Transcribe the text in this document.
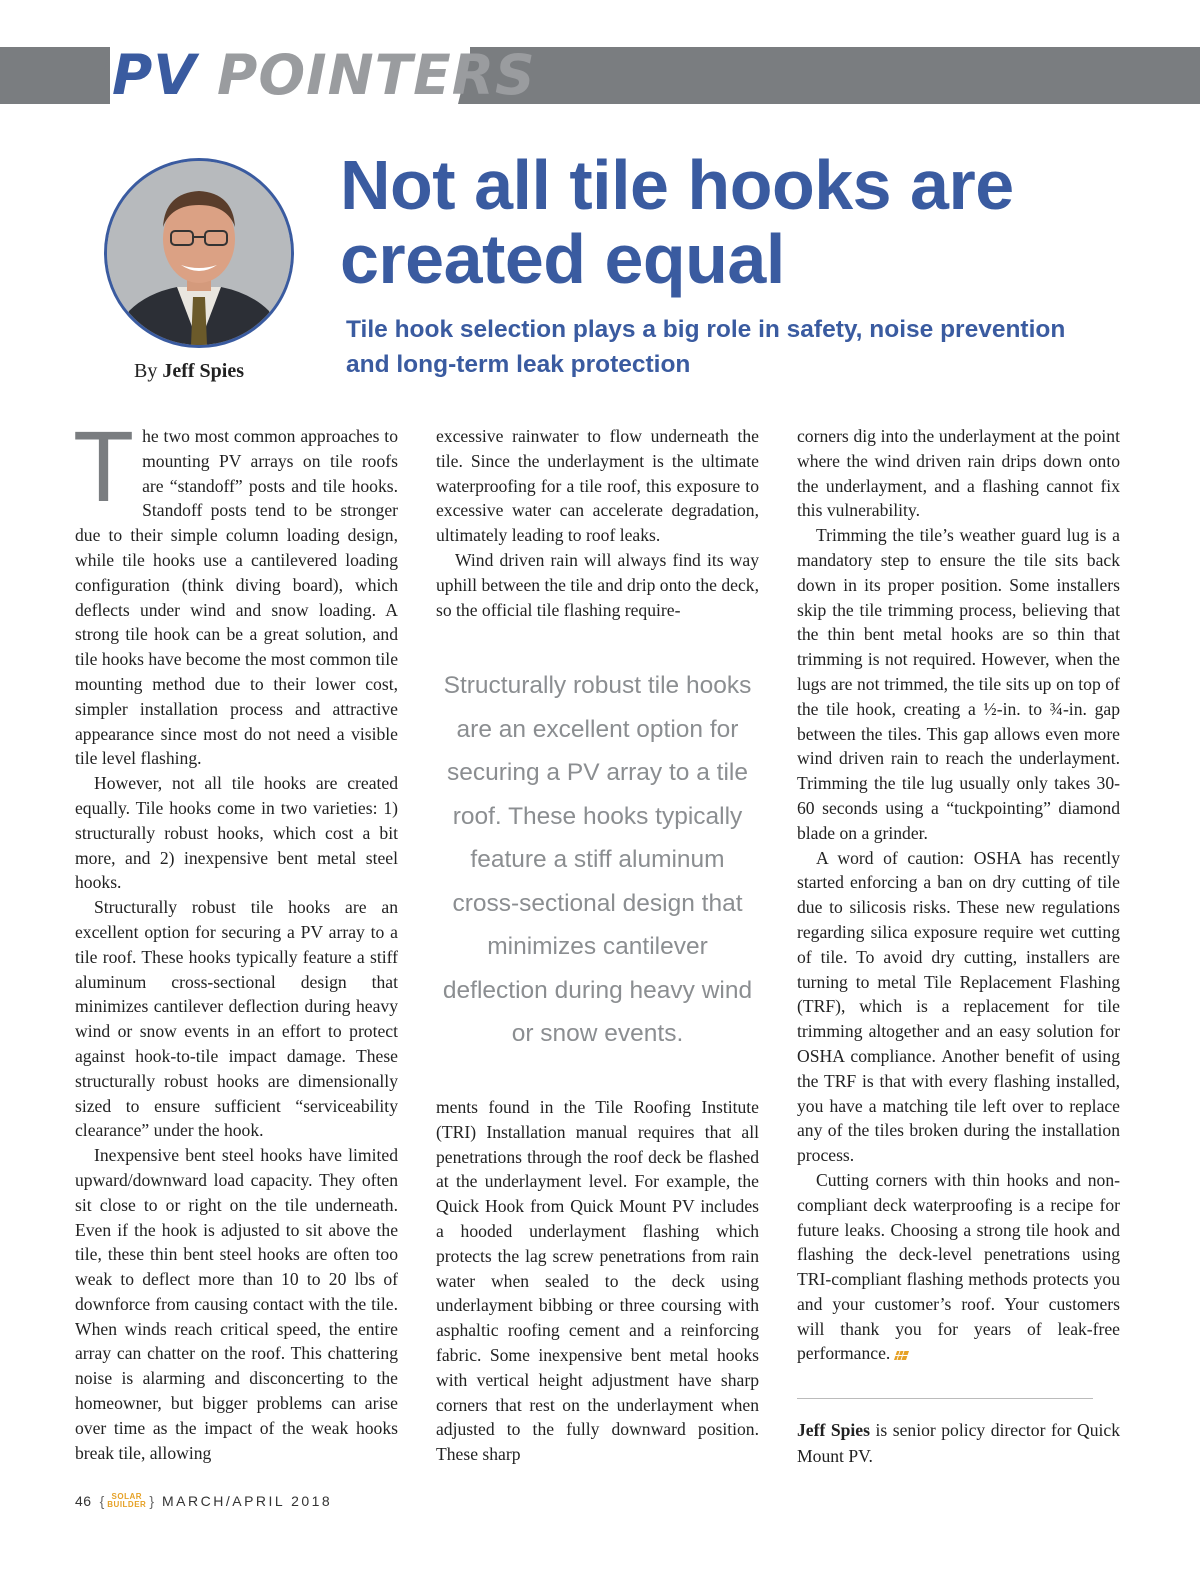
PV POINTERS
By Jeff Spies
Not all tile hooks are created equal
Tile hook selection plays a big role in safety, noise prevention and long-term leak protection

The two most common approaches to mounting PV arrays on tile roofs are “standoff” posts and tile hooks. Standoff posts tend to be stronger due to their simple column loading design, while tile hooks use a cantilevered loading configuration (think diving board), which deflects under wind and snow loading. A strong tile hook can be a great solution, and tile hooks have become the most common tile mounting method due to their lower cost, simpler installation process and attractive appearance since most do not need a visible tile level flashing.

However, not all tile hooks are created equally. Tile hooks come in two varieties: 1) structurally robust hooks, which cost a bit more, and 2) inexpensive bent metal steel hooks.

Structurally robust tile hooks are an excellent option for securing a PV array to a tile roof. These hooks typically feature a stiff aluminum cross-sectional design that minimizes cantilever deflection during heavy wind or snow events in an effort to protect against hook-to-tile impact damage. These structurally robust hooks are dimensionally sized to ensure sufficient “serviceability clearance” under the hook.

Inexpensive bent steel hooks have limited upward/downward load capacity. They often sit close to or right on the tile underneath. Even if the hook is adjusted to sit above the tile, these thin bent steel hooks are often too weak to deflect more than 10 to 20 lbs of downforce from causing contact with the tile. When winds reach critical speed, the entire array can chatter on the roof. This chattering noise is alarming and disconcerting to the homeowner, but bigger problems can arise over time as the impact of the weak hooks break tile, allowing

excessive rainwater to flow underneath the tile. Since the underlayment is the ultimate waterproofing for a tile roof, this exposure to excessive water can accelerate degradation, ultimately leading to roof leaks.

Wind driven rain will always find its way uphill between the tile and drip onto the deck, so the official tile flashing require-

Structurally robust tile hooks are an excellent option for securing a PV array to a tile roof. These hooks typically feature a stiff aluminum cross-sectional design that minimizes cantilever deflection during heavy wind or snow events.

ments found in the Tile Roofing Institute (TRI) Installation manual requires that all penetrations through the roof deck be flashed at the underlayment level. For example, the Quick Hook from Quick Mount PV includes a hooded underlayment flashing which protects the lag screw penetrations from rain water when sealed to the deck using underlayment bibbing or three coursing with asphaltic roofing cement and a reinforcing fabric. Some inexpensive bent metal hooks with vertical height adjustment have sharp corners that rest on the underlayment when adjusted to the fully downward position. These sharp

corners dig into the underlayment at the point where the wind driven rain drips down onto the underlayment, and a flashing cannot fix this vulnerability.

Trimming the tile’s weather guard lug is a mandatory step to ensure the tile sits back down in its proper position. Some installers skip the tile trimming process, believing that the thin bent metal hooks are so thin that trimming is not required. However, when the lugs are not trimmed, the tile sits up on top of the tile hook, creating a ½-in. to ¾-in. gap between the tiles. This gap allows even more wind driven rain to reach the underlayment. Trimming the tile lug usually only takes 30-60 seconds using a “tuckpointing” diamond blade on a grinder.

A word of caution: OSHA has recently started enforcing a ban on dry cutting of tile due to silicosis risks. These new regulations regarding silica exposure require wet cutting of tile. To avoid dry cutting, installers are turning to metal Tile Replacement Flashing (TRF), which is a replacement for tile trimming altogether and an easy solution for OSHA compliance. Another benefit of using the TRF is that with every flashing installed, you have a matching tile left over to replace any of the tiles broken during the installation process.

Cutting corners with thin hooks and non-compliant deck waterproofing is a recipe for future leaks. Choosing a strong tile hook and flashing the deck-level penetrations using TRI-compliant flashing methods protects you and your customer’s roof. Your customers will thank you for years of leak-free performance.

Jeff Spies is senior policy director for Quick Mount PV.
46 { SOLAR
BUILDER } MARCH/APRIL 2018
